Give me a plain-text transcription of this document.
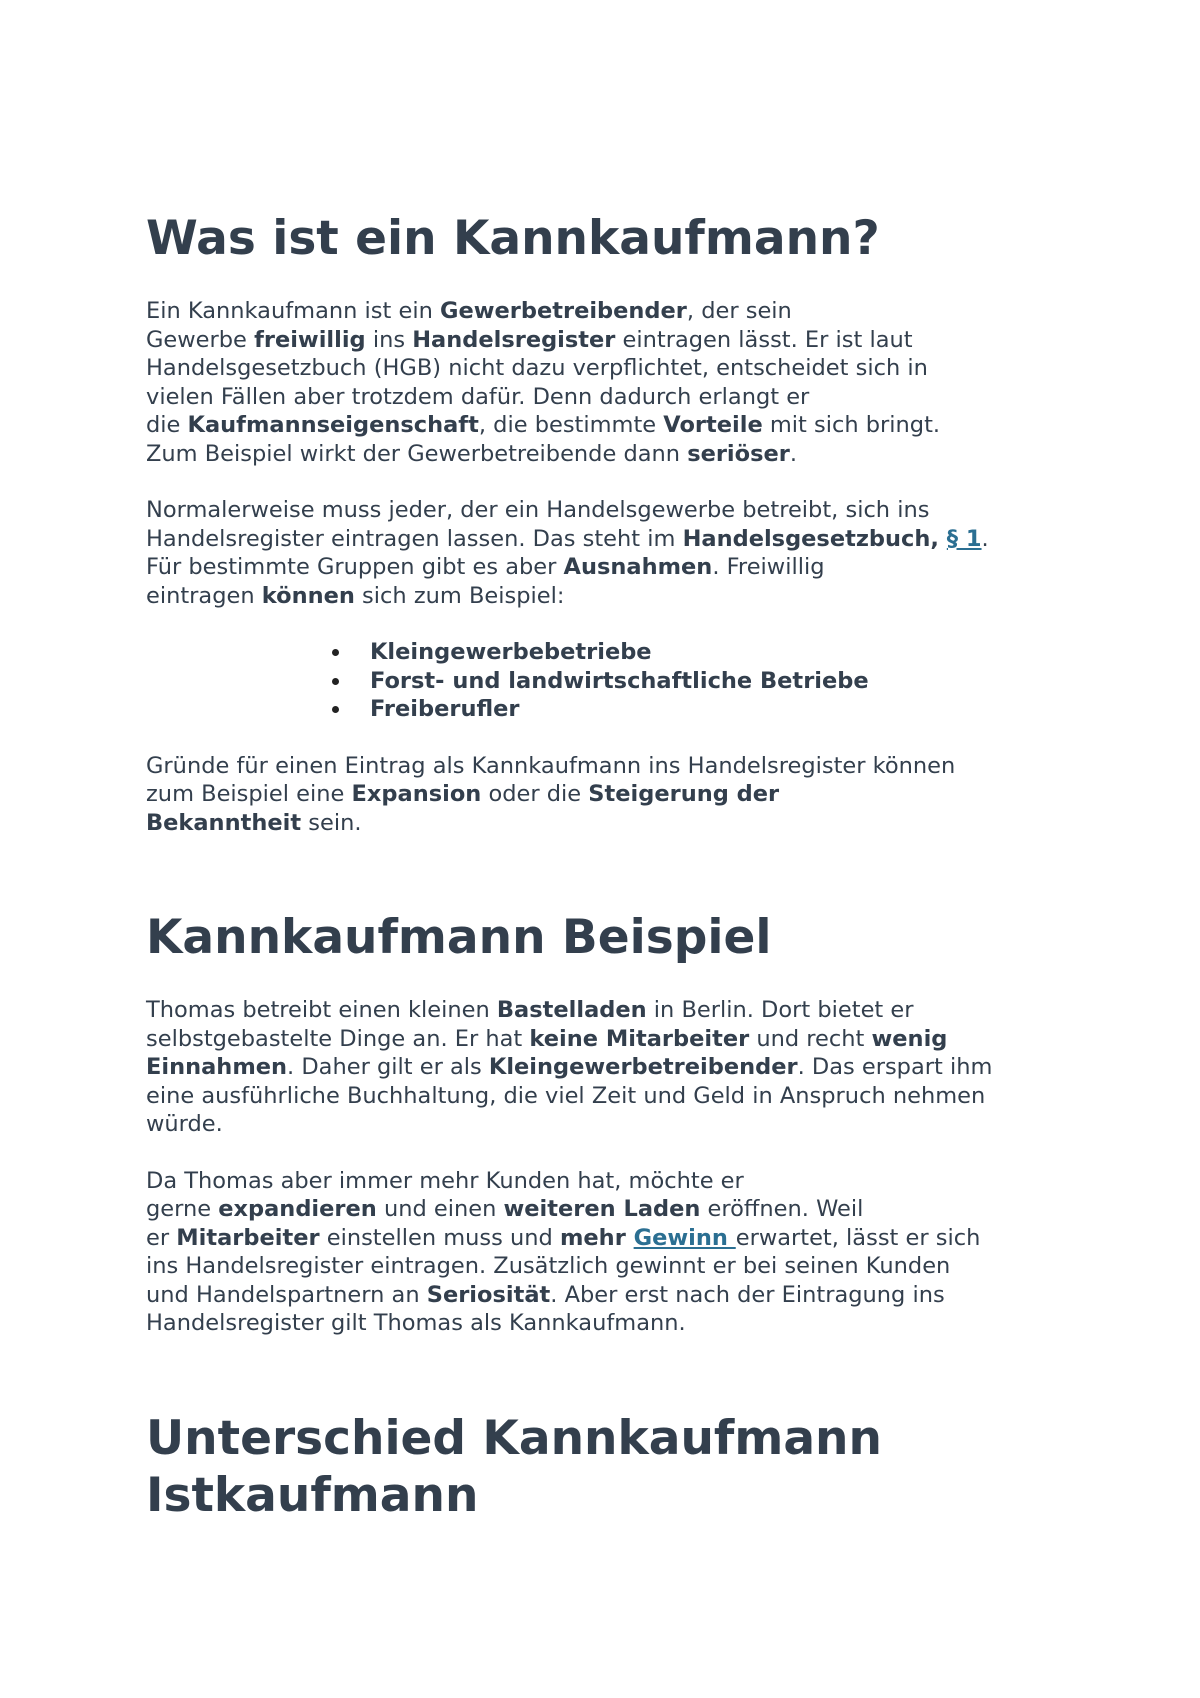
Was ist ein Kannkaufmann?
Ein Kannkaufmann ist ein Gewerbetreibender, der sein
Gewerbe freiwillig ins Handelsregister eintragen lässt. Er ist laut
Handelsgesetzbuch (HGB) nicht dazu verpflichtet, entscheidet sich in
vielen Fällen aber trotzdem dafür. Denn dadurch erlangt er
die Kaufmannseigenschaft, die bestimmte Vorteile mit sich bringt.
Zum Beispiel wirkt der Gewerbetreibende dann seriöser.
Normalerweise muss jeder, der ein Handelsgewerbe betreibt, sich ins
Handelsregister eintragen lassen. Das steht im Handelsgesetzbuch, § 1.
Für bestimmte Gruppen gibt es aber Ausnahmen. Freiwillig
eintragen können sich zum Beispiel:
Kleingewerbebetriebe
Forst- und landwirtschaftliche Betriebe
Freiberufler
Gründe für einen Eintrag als Kannkaufmann ins Handelsregister können
zum Beispiel eine Expansion oder die Steigerung der
Bekanntheit sein.
Kannkaufmann Beispiel
Thomas betreibt einen kleinen Bastelladen in Berlin. Dort bietet er
selbstgebastelte Dinge an. Er hat keine Mitarbeiter und recht wenig
Einnahmen. Daher gilt er als Kleingewerbetreibender. Das erspart ihm
eine ausführliche Buchhaltung, die viel Zeit und Geld in Anspruch nehmen
würde.
Da Thomas aber immer mehr Kunden hat, möchte er
gerne expandieren und einen weiteren Laden eröffnen. Weil
er Mitarbeiter einstellen muss und mehr Gewinn erwartet, lässt er sich
ins Handelsregister eintragen. Zusätzlich gewinnt er bei seinen Kunden
und Handelspartnern an Seriosität. Aber erst nach der Eintragung ins
Handelsregister gilt Thomas als Kannkaufmann.
Unterschied Kannkaufmann
Istkaufmann
